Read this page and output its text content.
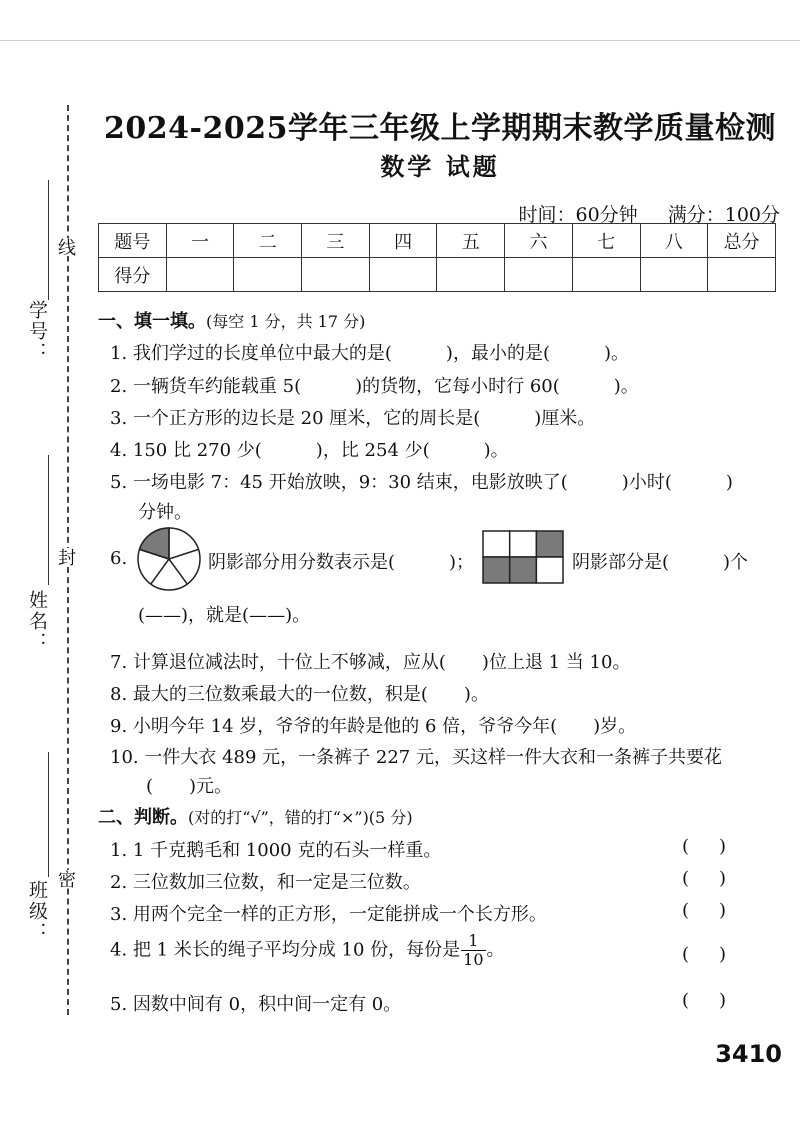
学号：
姓名：
班级：
线
封
密
2024-2025学年三年级上学期期末教学质量检测
数学 试题
时间：60分钟 满分：100分
题号	一	二	三	四	五	六	七	八	总分
得分									
一、填一填。(每空 1 分，共 17 分)
1. 我们学过的长度单位中最大的是(　　　)，最小的是(　　　)。
2. 一辆货车约能载重 5(　　　)的货物，它每小时行 60(　　　)。
3. 一个正方形的边长是 20 厘米，它的周长是(　　　)厘米。
4. 150 比 270 少(　　　)，比 254 少(　　　)。
5. 一场电影 7：45 开始放映，9：30 结束，电影放映了(　　　)小时(　　　)
分钟。
6.	阴影部分用分数表示是(　　　)；	阴影部分是(　　　)个
(——)，就是(——)。
7. 计算退位减法时，十位上不够减，应从(　　)位上退 1 当 10。
8. 最大的三位数乘最大的一位数，积是(　　)。
9. 小明今年 14 岁，爷爷的年龄是他的 6 倍，爷爷今年(　　)岁。
10. 一件大衣 489 元，一条裤子 227 元，买这样一件大衣和一条裤子共要花
(　　)元。
二、判断。(对的打“√”，错的打“×”)(5 分)
1. 1 千克鹅毛和 1000 克的石头一样重。	()
2. 三位数加三位数，和一定是三位数。	()
3. 用两个完全一样的正方形，一定能拼成一个长方形。	()
4. 把 1 米长的绳子平均分成 10 份，每份是 $\frac{1}{10}$ 。	()
5. 因数中间有 0，积中间一定有 0。	()
3410
